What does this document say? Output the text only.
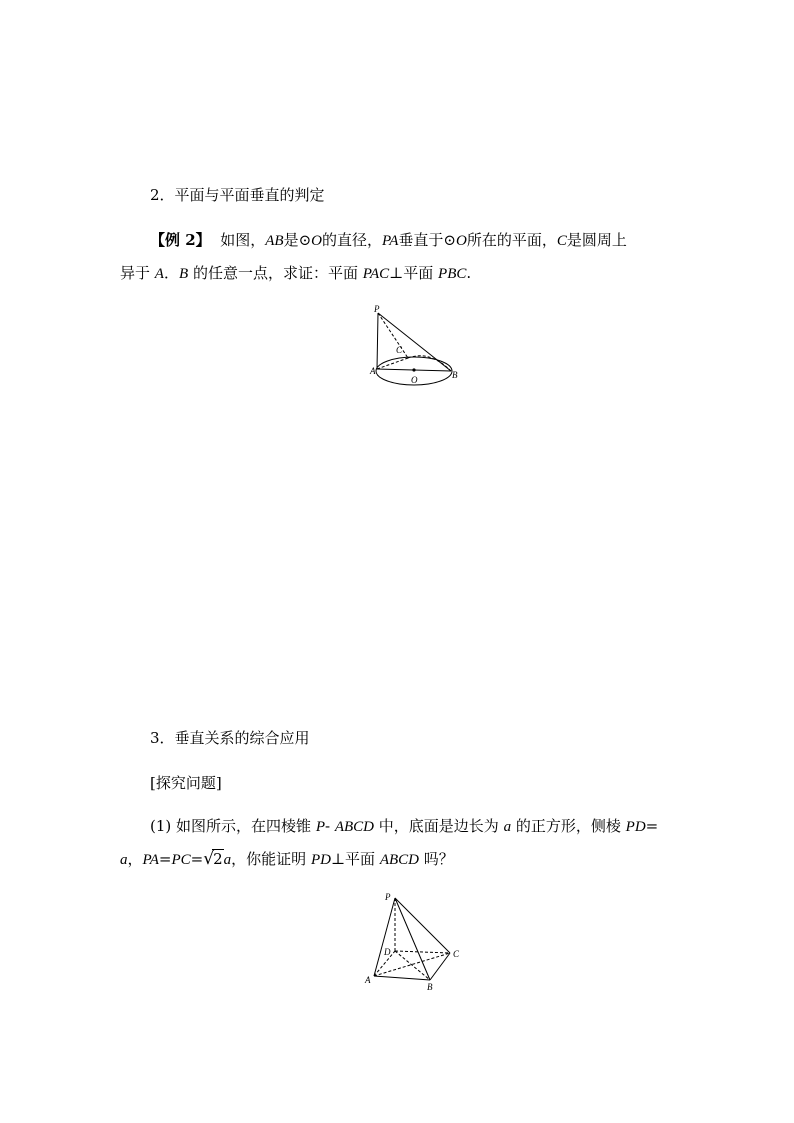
2．平面与平面垂直的判定
【例 2】 如图，AB是⊙O的直径，PA垂直于⊙O所在的平面，C是圆周上
异于 A．B 的任意一点，求证：平面 PAC⊥平面 PBC.
P
C
A
O	B
3．垂直关系的综合应用
[探究问题]
(1) 如图所示，在四棱锥 P- ABCD 中，底面是边长为 a 的正方形，侧棱 PD=
a，PA=PC=√2a，你能证明 PD⊥平面 ABCD 吗？
P
C
D
A
B
